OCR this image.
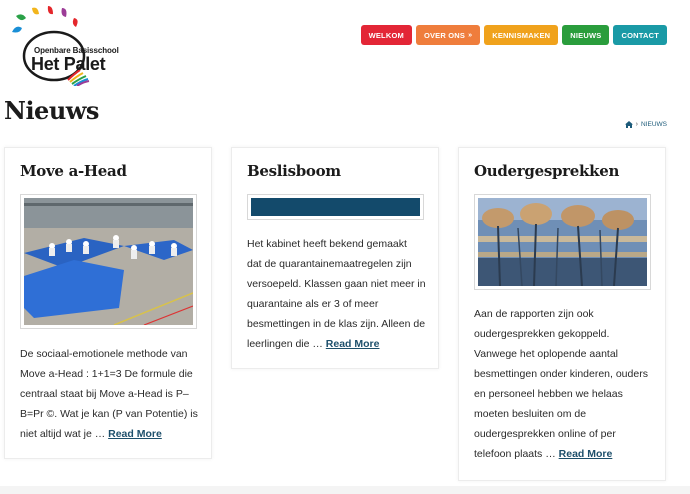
Openbare Basisschool
Het Palet
WELKOM	OVER ONS »	KENNISMAKEN	NIEUWS	CONTACT
Nieuws	› NIEUWS
Move a-Head
De sociaal-emotionele methode van
Move a-Head : 1+1=3 De formule die
centraal staat bij Move a-Head is P–
B=Pr ©. Wat je kan (P van Potentie) is
niet altijd wat je … Read More
Beslisboom
Het kabinet heeft bekend gemaakt
dat de quarantainemaatregelen zijn
versoepeld. Klassen gaan niet meer in
quarantaine als er 3 of meer
besmettingen in de klas zijn. Alleen de
leerlingen die … Read More
Oudergesprekken
Aan de rapporten zijn ook
oudergesprekken gekoppeld.
Vanwege het oplopende aantal
besmettingen onder kinderen, ouders
en personeel hebben we helaas
moeten besluiten om de
oudergesprekken online of per
telefoon plaats … Read More
